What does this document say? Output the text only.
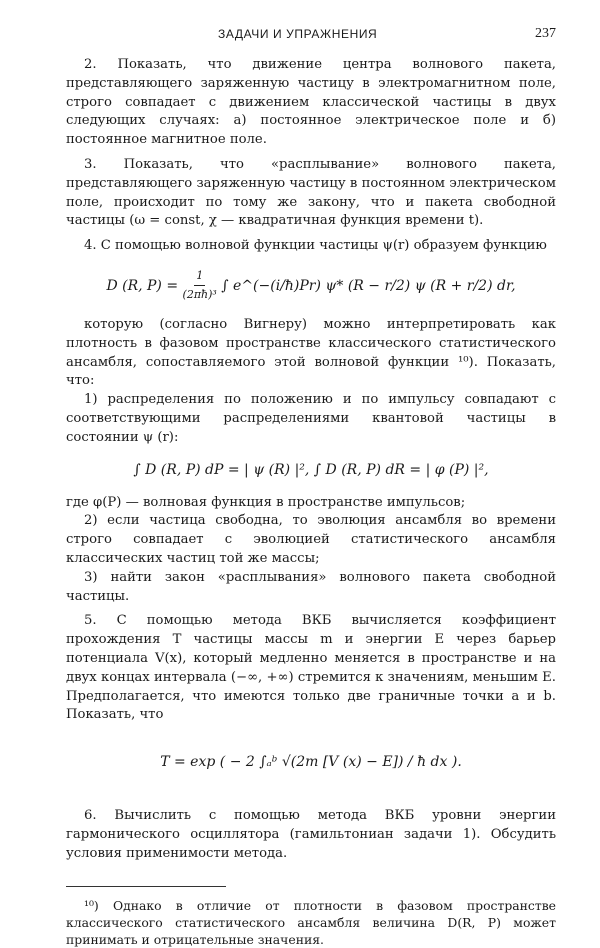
ЗАДАЧИ И УПРАЖНЕНИЯ	237

2. Показать, что движение центра волнового пакета, представляющего заряженную частицу в электромагнитном поле, строго совпадает с движением классической частицы в двух следующих случаях: а) постоянное электрическое поле и б) постоянное магнитное поле.

3. Показать, что «расплывание» волнового пакета, представляющего заряженную частицу в постоянном электрическом поле, происходит по тому же закону, что и пакета свободной частицы (ω = const, χ — квадратичная функция времени t).

4. С помощью волновой функции частицы ψ(r) образуем функцию

D (R, P) =
$\frac{1}{\text{(2πħ)³}}$
∫ e^(−(i/ħ)Pr) ψ* (R − r/2) ψ (R + r/2) dr,

которую (согласно Вигнеру) можно интерпретировать как плотность в фазовом пространстве классического статистического ансамбля, сопоставляемого этой волновой функции ¹⁰). Показать, что:

1) распределения по положению и по импульсу совпадают с соответствующими распределениями квантовой частицы в состоянии ψ (r):

∫ D (R, P) dP = | ψ (R) |², ∫ D (R, P) dR = | φ (P) |²,

где φ(P) — волновая функция в пространстве импульсов;

2) если частица свободна, то эволюция ансамбля во времени строго совпадает с эволюцией статистического ансамбля классических частиц той же массы;

3) найти закон «расплывания» волнового пакета свободной частицы.

5. С помощью метода ВКБ вычисляется коэффициент прохождения T частицы массы m и энергии E через барьер потенциала V(x), который медленно меняется в пространстве и на двух концах интервала (−∞, +∞) стремится к значениям, меньшим E. Предполагается, что имеются только две граничные точки a и b. Показать, что

T = exp
( − 2 ∫ₐᵇ √(2m [V (x) − E]) / ħ dx ).

6. Вычислить с помощью метода ВКБ уровни энергии гармонического осциллятора (гамильтониан задачи 1). Обсудить условия применимости метода.

¹⁰) Однако в отличие от плотности в фазовом пространстве классического статистического ансамбля величина D(R, P) может принимать и отрицательные значения.
